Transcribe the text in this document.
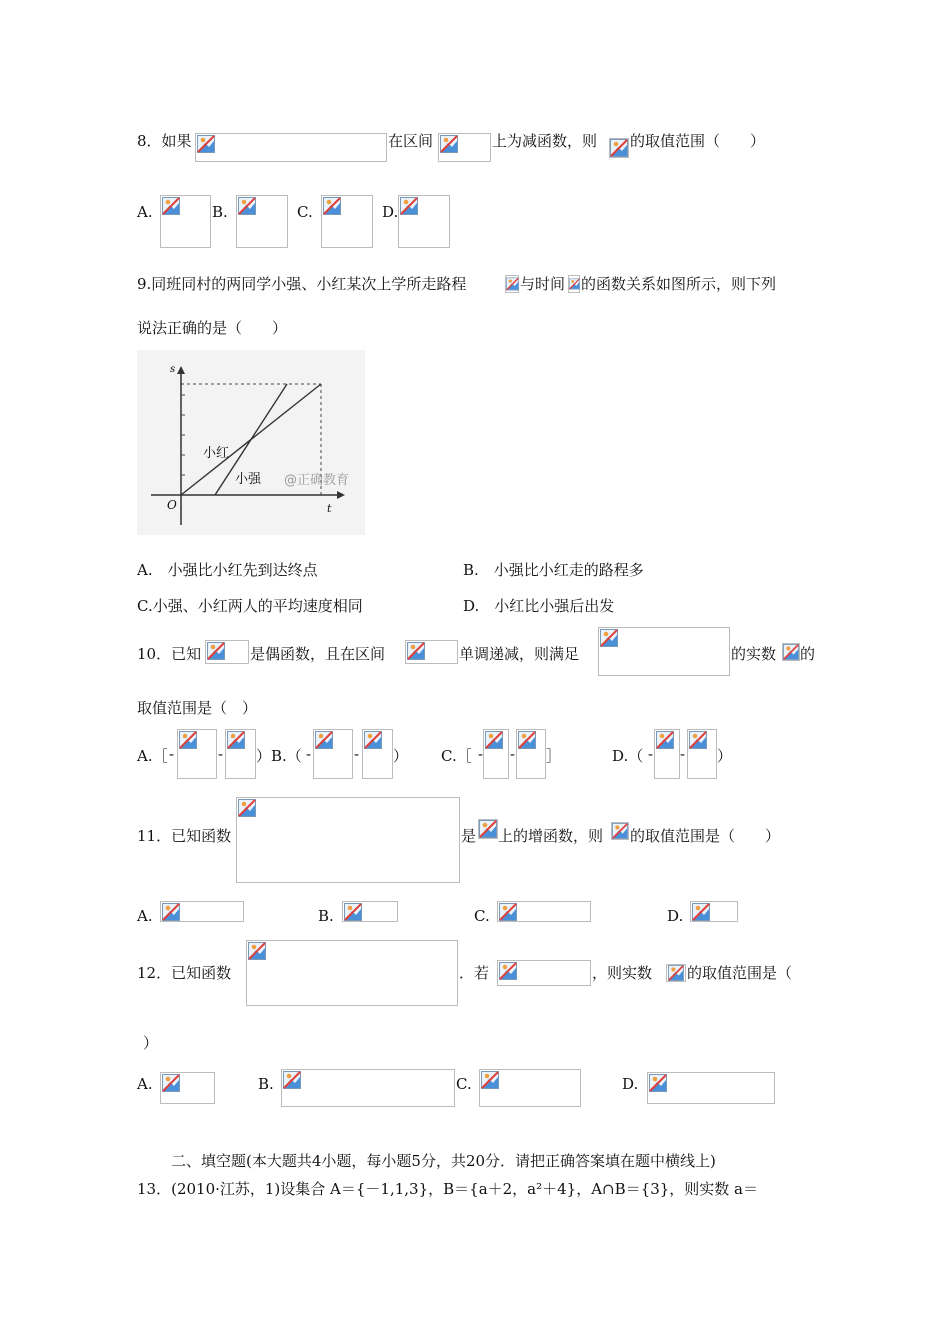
8．如果	在区间	上为减函数，则 的取值范围（　　）
A.	B.	C.	D.
9.同班同村的两同学小强、小红某次上学所走路程	与时间 的函数关系如图所示，则下列
说法正确的是（　　）
s
t
O
小红
小强 @正确教育
A.　小强比小红先到达终点	B.　小强比小红走的路程多
C.小强、小红两人的平均速度相同	D.　小红比小强后出发
10．已知	是偶函数，且在区间	单调递减，则满足	的实数 的
取值范围是（　）
A.［ -	- ） B.（ -	- ） C.［ - - ］	D.（ - - ）
11．已知函数	是 上的增函数，则 的取值范围是（　　）
A.	B.	C.	D.
12．已知函数	．若	，则实数 的取值范围是（
）
A.	B.	C.	D.
二、填空题(本大题共4小题，每小题5分，共20分．请把正确答案填在题中横线上)
13．(2010·江苏，1)设集合 A＝{－1,1,3}，B＝{a＋2，a²＋4}，A∩B＝{3}，则实数 a＝
